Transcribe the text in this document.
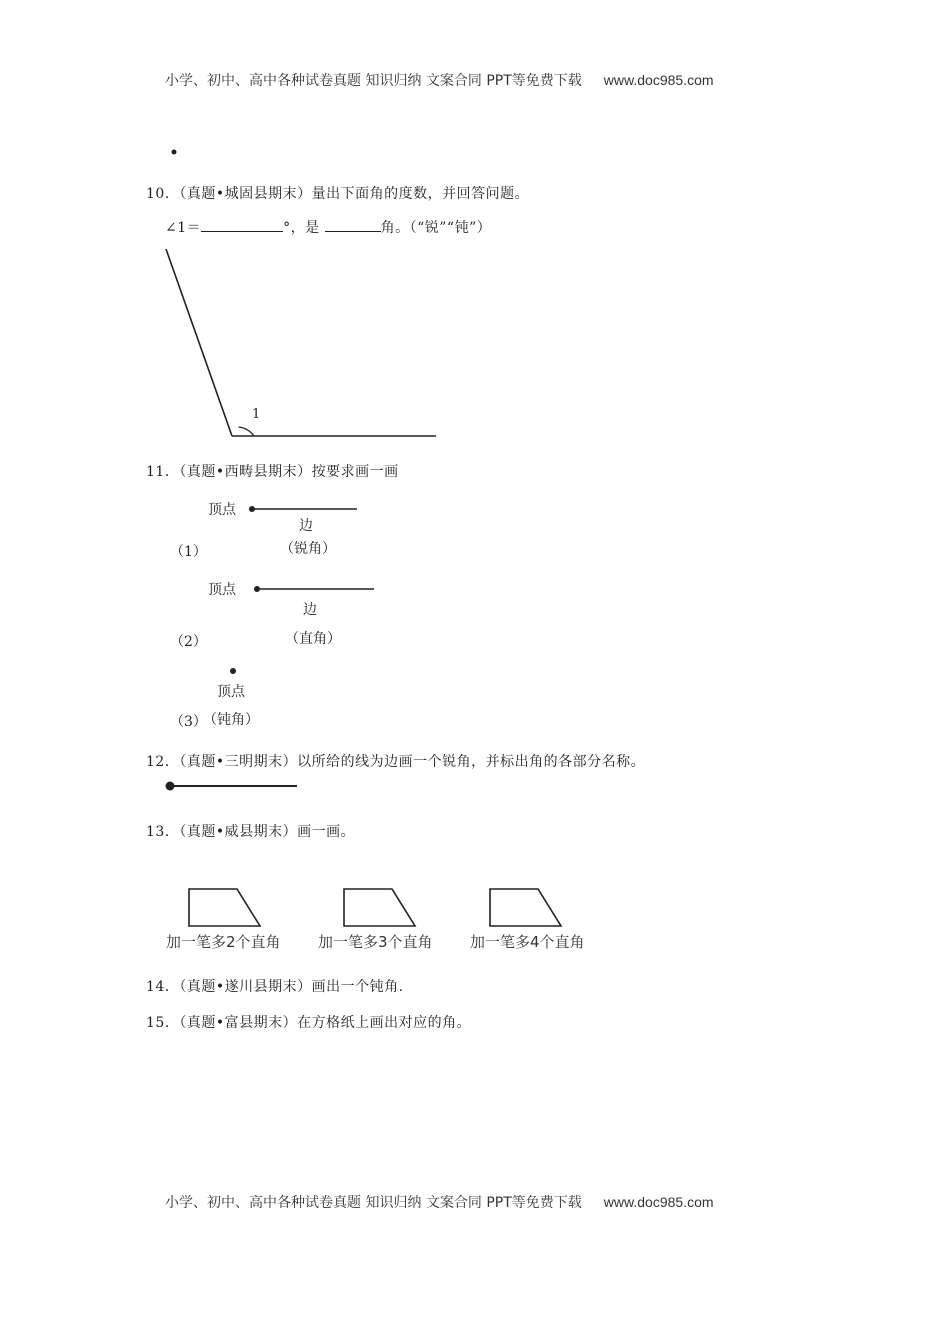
小学、初中、高中各种试卷真题 知识归纳 文案合同 PPT等免费下载 www.doc985.com
10．（真题•城固县期末）量出下面角的度数，并回答问题。
∠1＝	°，是	角。（“锐”“钝”）
1
11．（真题•西畴县期末）按要求画一画
顶点
边
（1）	（锐角）
顶点
边
（2）	（直角）
顶点
（3）
（钝角）
12．（真题•三明期末）以所给的线为边画一个锐角，并标出角的各部分名称。
13．（真题•威县期末）画一画。
加一笔多2个直角 加一笔多3个直角 加一笔多4个直角
14．（真题•遂川县期末）画出一个钝角.
15．（真题•富县期末）在方格纸上画出对应的角。
小学、初中、高中各种试卷真题 知识归纳 文案合同 PPT等免费下载 www.doc985.com
